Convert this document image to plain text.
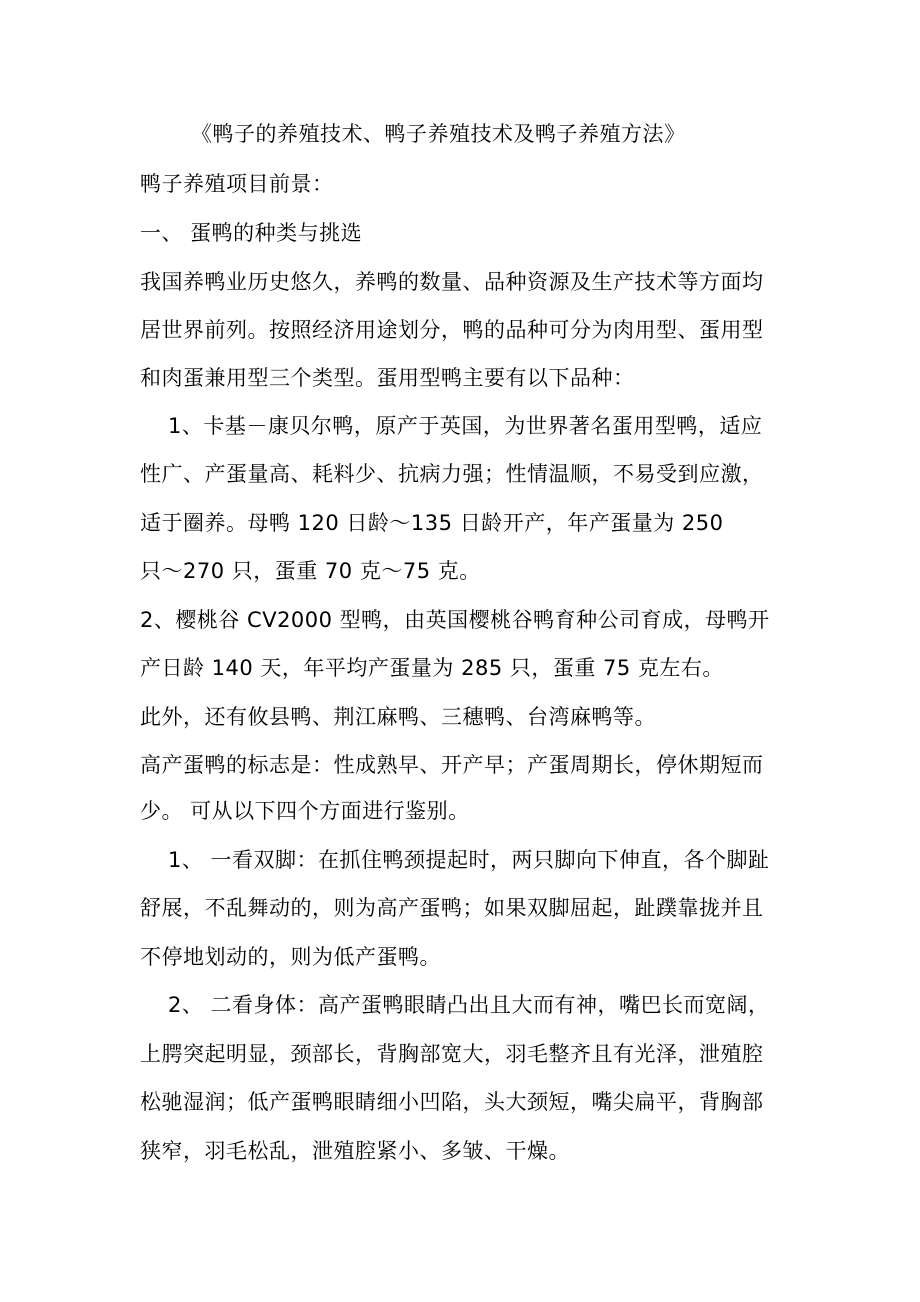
《鸭子的养殖技术、鸭子养殖技术及鸭子养殖方法》
鸭子养殖项目前景：
一、 蛋鸭的种类与挑选
我国养鸭业历史悠久，养鸭的数量、品种资源及生产技术等方面均
居世界前列。按照经济用途划分，鸭的品种可分为肉用型、蛋用型
和肉蛋兼用型三个类型。蛋用型鸭主要有以下品种：
1、卡基－康贝尔鸭，原产于英国，为世界著名蛋用型鸭，适应
性广、产蛋量高、耗料少、抗病力强；性情温顺，不易受到应激，
适于圈养。母鸭 120 日龄～135 日龄开产，年产蛋量为 250
只～270 只，蛋重 70 克～75 克。
2、樱桃谷 CV2000 型鸭，由英国樱桃谷鸭育种公司育成，母鸭开
产日龄 140 天，年平均产蛋量为 285 只，蛋重 75 克左右。
此外，还有攸县鸭、荆江麻鸭、三穗鸭、台湾麻鸭等。
高产蛋鸭的标志是：性成熟早、开产早；产蛋周期长，停休期短而
少。 可从以下四个方面进行鉴别。
1、 一看双脚：在抓住鸭颈提起时，两只脚向下伸直，各个脚趾
舒展，不乱舞动的，则为高产蛋鸭；如果双脚屈起，趾蹼靠拢并且
不停地划动的，则为低产蛋鸭。
2、 二看身体：高产蛋鸭眼睛凸出且大而有神，嘴巴长而宽阔，
上腭突起明显，颈部长，背胸部宽大，羽毛整齐且有光泽，泄殖腔
松驰湿润；低产蛋鸭眼睛细小凹陷，头大颈短，嘴尖扁平，背胸部
狭窄，羽毛松乱，泄殖腔紧小、多皱、干燥。
